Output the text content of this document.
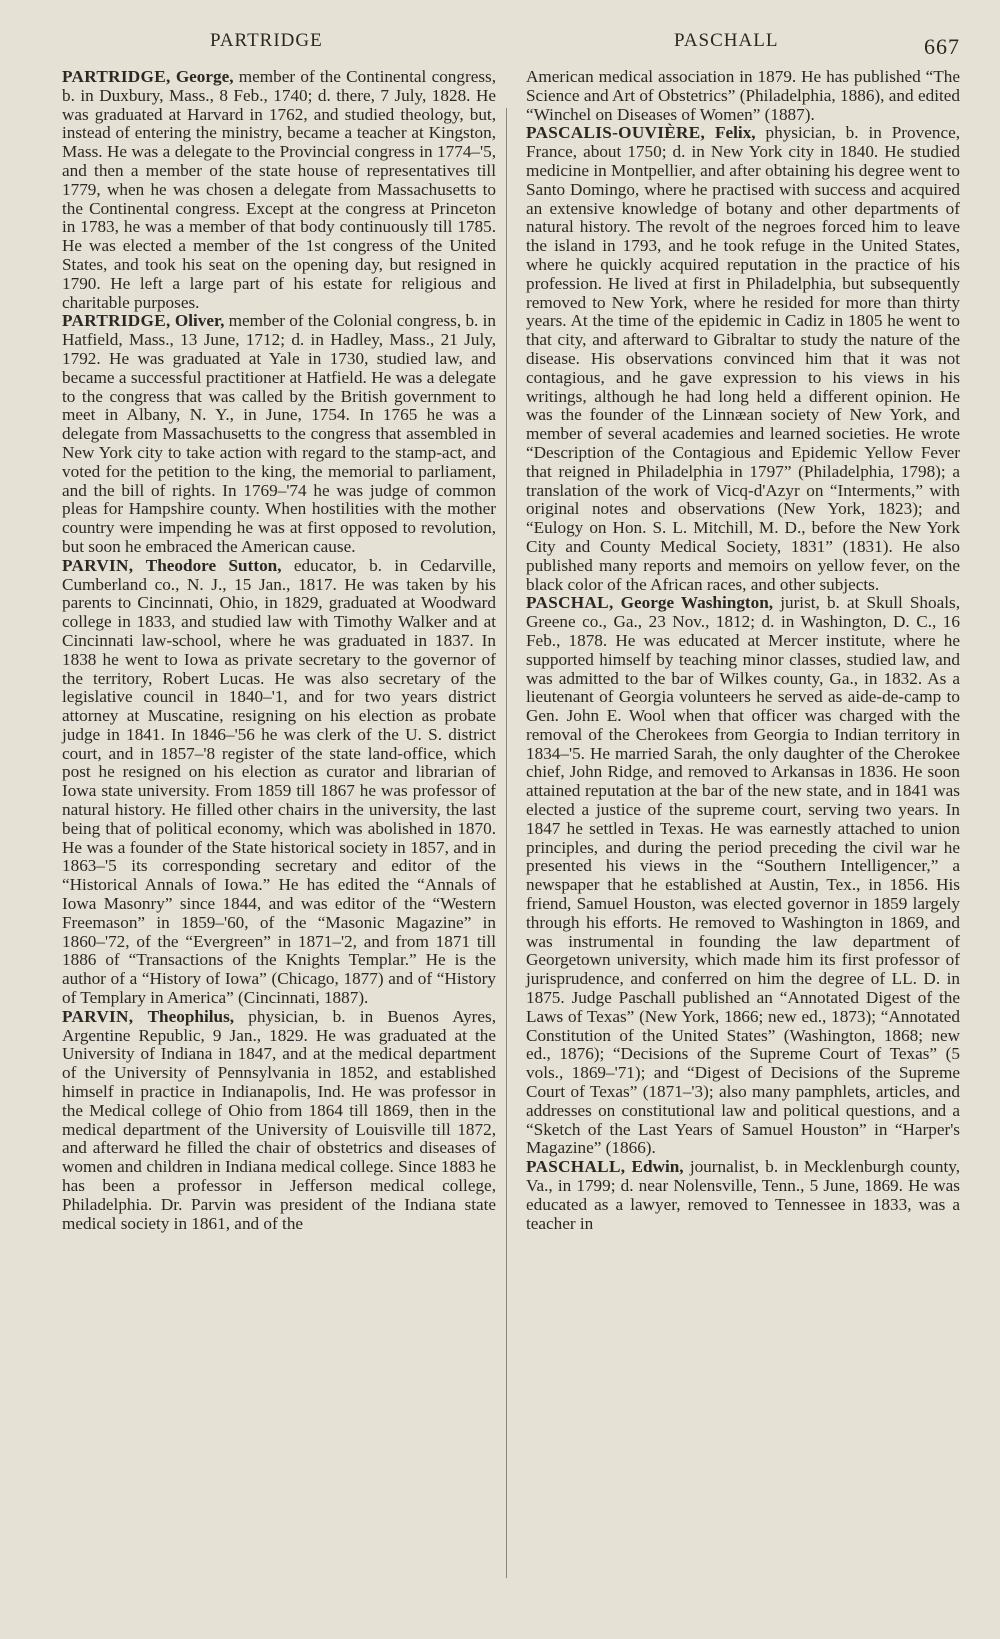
PARTRIDGE	PASCHALL	667

PARTRIDGE, George, member of the Continental congress, b. in Duxbury, Mass., 8 Feb., 1740; d. there, 7 July, 1828. He was graduated at Harvard in 1762, and studied theology, but, instead of entering the ministry, became a teacher at Kingston, Mass. He was a delegate to the Provincial congress in 1774–'5, and then a member of the state house of representatives till 1779, when he was chosen a delegate from Massachusetts to the Continental congress. Except at the congress at Princeton in 1783, he was a member of that body continuously till 1785. He was elected a member of the 1st congress of the United States, and took his seat on the opening day, but resigned in 1790. He left a large part of his estate for religious and charitable purposes.

PARTRIDGE, Oliver, member of the Colonial congress, b. in Hatfield, Mass., 13 June, 1712; d. in Hadley, Mass., 21 July, 1792. He was graduated at Yale in 1730, studied law, and became a successful practitioner at Hatfield. He was a delegate to the congress that was called by the British government to meet in Albany, N. Y., in June, 1754. In 1765 he was a delegate from Massachusetts to the congress that assembled in New York city to take action with regard to the stamp-act, and voted for the petition to the king, the memorial to parliament, and the bill of rights. In 1769–'74 he was judge of common pleas for Hampshire county. When hostilities with the mother country were impending he was at first opposed to revolution, but soon he embraced the American cause.

PARVIN, Theodore Sutton, educator, b. in Cedarville, Cumberland co., N. J., 15 Jan., 1817. He was taken by his parents to Cincinnati, Ohio, in 1829, graduated at Woodward college in 1833, and studied law with Timothy Walker and at Cincinnati law-school, where he was graduated in 1837. In 1838 he went to Iowa as private secretary to the governor of the territory, Robert Lucas. He was also secretary of the legislative council in 1840–'1, and for two years district attorney at Muscatine, resigning on his election as probate judge in 1841. In 1846–'56 he was clerk of the U. S. district court, and in 1857–'8 register of the state land-office, which post he resigned on his election as curator and librarian of Iowa state university. From 1859 till 1867 he was professor of natural history. He filled other chairs in the university, the last being that of political economy, which was abolished in 1870. He was a founder of the State historical society in 1857, and in 1863–'5 its corresponding secretary and editor of the “Historical Annals of Iowa.” He has edited the “Annals of Iowa Masonry” since 1844, and was editor of the “Western Freemason” in 1859–'60, of the “Masonic Magazine” in 1860–'72, of the “Evergreen” in 1871–'2, and from 1871 till 1886 of “Transactions of the Knights Templar.” He is the author of a “History of Iowa” (Chicago, 1877) and of “History of Templary in America” (Cincinnati, 1887).

PARVIN, Theophilus, physician, b. in Buenos Ayres, Argentine Republic, 9 Jan., 1829. He was graduated at the University of Indiana in 1847, and at the medical department of the University of Pennsylvania in 1852, and established himself in practice in Indianapolis, Ind. He was professor in the Medical college of Ohio from 1864 till 1869, then in the medical department of the University of Louisville till 1872, and afterward he filled the chair of obstetrics and diseases of women and children in Indiana medical college. Since 1883 he has been a professor in Jefferson medical college, Philadelphia. Dr. Parvin was president of the Indiana state medical society in 1861, and of the

American medical association in 1879. He has published “The Science and Art of Obstetrics” (Philadelphia, 1886), and edited “Winchel on Diseases of Women” (1887).

PASCALIS-OUVIÈRE, Felix, physician, b. in Provence, France, about 1750; d. in New York city in 1840. He studied medicine in Montpellier, and after obtaining his degree went to Santo Domingo, where he practised with success and acquired an extensive knowledge of botany and other departments of natural history. The revolt of the negroes forced him to leave the island in 1793, and he took refuge in the United States, where he quickly acquired reputation in the practice of his profession. He lived at first in Philadelphia, but subsequently removed to New York, where he resided for more than thirty years. At the time of the epidemic in Cadiz in 1805 he went to that city, and afterward to Gibraltar to study the nature of the disease. His observations convinced him that it was not contagious, and he gave expression to his views in his writings, although he had long held a different opinion. He was the founder of the Linnæan society of New York, and member of several academies and learned societies. He wrote “Description of the Contagious and Epidemic Yellow Fever that reigned in Philadelphia in 1797” (Philadelphia, 1798); a translation of the work of Vicq-d'Azyr on “Interments,” with original notes and observations (New York, 1823); and “Eulogy on Hon. S. L. Mitchill, M. D., before the New York City and County Medical Society, 1831” (1831). He also published many reports and memoirs on yellow fever, on the black color of the African races, and other subjects.

PASCHAL, George Washington, jurist, b. at Skull Shoals, Greene co., Ga., 23 Nov., 1812; d. in Washington, D. C., 16 Feb., 1878. He was educated at Mercer institute, where he supported himself by teaching minor classes, studied law, and was admitted to the bar of Wilkes county, Ga., in 1832. As a lieutenant of Georgia volunteers he served as aide-de-camp to Gen. John E. Wool when that officer was charged with the removal of the Cherokees from Georgia to Indian territory in 1834–'5. He married Sarah, the only daughter of the Cherokee chief, John Ridge, and removed to Arkansas in 1836. He soon attained reputation at the bar of the new state, and in 1841 was elected a justice of the supreme court, serving two years. In 1847 he settled in Texas. He was earnestly attached to union principles, and during the period preceding the civil war he presented his views in the “Southern Intelligencer,” a newspaper that he established at Austin, Tex., in 1856. His friend, Samuel Houston, was elected governor in 1859 largely through his efforts. He removed to Washington in 1869, and was instrumental in founding the law department of Georgetown university, which made him its first professor of jurisprudence, and conferred on him the degree of LL. D. in 1875. Judge Paschall published an “Annotated Digest of the Laws of Texas” (New York, 1866; new ed., 1873); “Annotated Constitution of the United States” (Washington, 1868; new ed., 1876); “Decisions of the Supreme Court of Texas” (5 vols., 1869–'71); and “Digest of Decisions of the Supreme Court of Texas” (1871–'3); also many pamphlets, articles, and addresses on constitutional law and political questions, and a “Sketch of the Last Years of Samuel Houston” in “Harper's Magazine” (1866).

PASCHALL, Edwin, journalist, b. in Mecklenburgh county, Va., in 1799; d. near Nolensville, Tenn., 5 June, 1869. He was educated as a lawyer, removed to Tennessee in 1833, was a teacher in
